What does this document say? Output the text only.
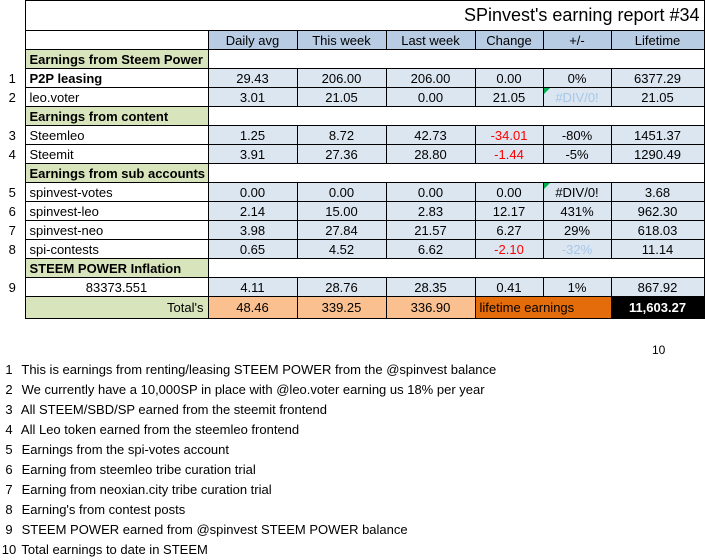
	SPinvest's earning report #34						
		Daily avg	This week	Last week	Change	+/-	Lifetime
	Earnings from Steem Power						
1	P2P leasing	29.43	206.00	206.00	0.00	0%	6377.29
2	leo.voter	3.01	21.05	0.00	21.05	#DIV/0!	21.05
	Earnings from content						
3	Steemleo	1.25	8.72	42.73	-34.01	-80%	1451.37
4	Steemit	3.91	27.36	28.80	-1.44	-5%	1290.49
	Earnings from sub accounts						
5	spinvest-votes	0.00	0.00	0.00	0.00	#DIV/0!	3.68
6	spinvest-leo	2.14	15.00	2.83	12.17	431%	962.30
7	spinvest-neo	3.98	27.84	21.57	6.27	29%	618.03
8	spi-contests	0.65	4.52	6.62	-2.10	-32%	11.14
	STEEM POWER Inflation						
9	83373.551	4.11	28.76	28.35	0.41	1%	867.92
	Total's	48.46	339.25	336.90	lifetime earnings		11,603.27
10
1 This is earnings from renting/leasing STEEM POWER from the @spinvest balance
2 We currently have a 10,000SP in place with @leo.voter earning us 18% per year
3 All STEEM/SBD/SP earned from the steemit frontend
4 All Leo token earned from the steemleo frontend
5 Earnings from the spi-votes account
6 Earning from steemleo tribe curation trial
7 Earning from neoxian.city tribe curation trial
8 Earning's from contest posts
9 STEEM POWER earned from @spinvest STEEM POWER balance
10 Total earnings to date in STEEM
